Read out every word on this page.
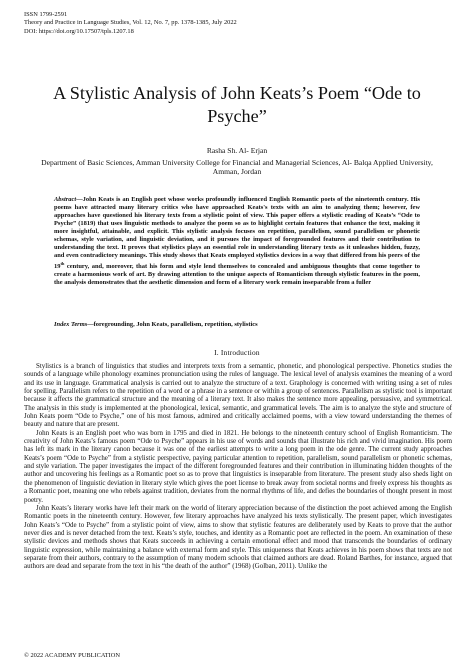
ISSN 1799-2591
Theory and Practice in Language Studies, Vol. 12, No. 7, pp. 1378-1385, July 2022
DOI: https://doi.org/10.17507/tpls.1207.18
A Stylistic Analysis of John Keats’s Poem “Ode to Psyche”
Rasha Sh. Al- Erjan
Department of Basic Sciences, Amman University College for Financial and Managerial Sciences, Al- Balqa Applied University, Amman, Jordan
Abstract—John Keats is an English poet whose works profoundly influenced English Romantic poets of the nineteenth century. His poems have attracted many literary critics who have approached Keats's texts with an aim to analyzing them; however, few approaches have questioned his literary texts from a stylistic point of view. This paper offers a stylistic reading of Keats’s “Ode to Psyche” (1819) that uses linguistic methods to analyze the poem so as to highlight certain features that enhance the text, making it more insightful, attainable, and explicit. This stylistic analysis focuses on repetition, parallelism, sound parallelism or phonetic schemas, style variation, and linguistic deviation, and it pursues the impact of foregrounded features and their contribution to understanding the text. It proves that stylistics plays an essential role in understanding literary texts as it unleashes hidden, fuzzy, and even contradictory meanings. This study shows that Keats employed stylistics devices in a way that differed from his peers of the 19th century, and, moreover, that his form and style lend themselves to concealed and ambiguous thoughts that come together to create a harmonious work of art. By drawing attention to the unique aspects of Romanticism through stylistic features in the poem, the analysis demonstrates that the aesthetic dimension and form of a literary work remain inseparable from a fuller
Index Terms—foregrounding, John Keats, parallelism, repetition, stylistics
I. Introduction

Stylistics is a branch of linguistics that studies and interprets texts from a semantic, phonetic, and phonological perspective. Phonetics studies the sounds of a language while phonology examines pronunciation using the rules of language. The lexical level of analysis examines the meaning of a word and its use in language. Grammatical analysis is carried out to analyze the structure of a text. Graphology is concerned with writing using a set of rules for spelling. Parallelism refers to the repetition of a word or a phrase in a sentence or within a group of sentences. Parallelism as stylistic tool is important because it affects the grammatical structure and the meaning of a literary text. It also makes the sentence more appealing, persuasive, and symmetrical. The analysis in this study is implemented at the phonological, lexical, semantic, and grammatical levels. The aim is to analyze the style and structure of John Keats poem “Ode to Psyche,” one of his most famous, admired and critically acclaimed poems, with a view toward understanding the themes of beauty and nature that are present.

John Keats is an English poet who was born in 1795 and died in 1821. He belongs to the nineteenth century school of English Romanticism. The creativity of John Keats’s famous poem “Ode to Psyche” appears in his use of words and sounds that illustrate his rich and vivid imagination. His poem has left its mark in the literary canon because it was one of the earliest attempts to write a long poem in the ode genre. The current study approaches Keats’s poem “Ode to Psyche” from a stylistic perspective, paying particular attention to repetition, parallelism, sound parallelism or phonetic schemas, and style variation. The paper investigates the impact of the different foregrounded features and their contribution in illuminating hidden thoughts of the author and uncovering his feelings as a Romantic poet so as to prove that linguistics is inseparable from literature. The present study also sheds light on the phenomenon of linguistic deviation in literary style which gives the poet license to break away from societal norms and freely express his thoughts as a Romantic poet, meaning one who rebels against tradition, deviates from the normal rhythms of life, and defies the boundaries of thought present in most poetry.

John Keats’s literary works have left their mark on the world of literary appreciation because of the distinction the poet achieved among the English Romantic poets in the nineteenth century. However, few literary approaches have analyzed his texts stylistically. The present paper, which investigates John Keats’s “Ode to Psyche” from a stylistic point of view, aims to show that stylistic features are deliberately used by Keats to prove that the author never dies and is never detached from the text. Keats’s style, touches, and identity as a Romantic poet are reflected in the poem. An examination of these stylistic devices and methods shows that Keats succeeds in achieving a certain emotional effect and mood that transcends the boundaries of ordinary linguistic expression, while maintaining a balance with external form and style. This uniqueness that Keats achieves in his poem shows that texts are not separate from their authors, contrary to the assumption of many modern schools that claimed authors are dead. Roland Barthes, for instance, argued that authors are dead and separate from the text in his “the death of the author” (1968) (Golban, 2011). Unlike the

© 2022 ACADEMY PUBLICATION
